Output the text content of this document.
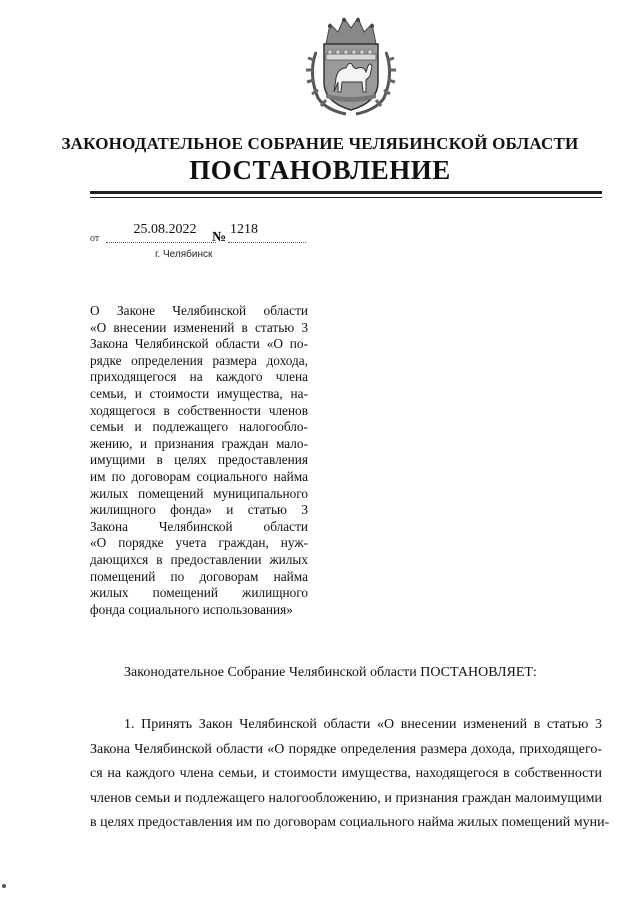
ЗАКОНОДАТЕЛЬНОЕ СОБРАНИЕ ЧЕЛЯБИНСКОЙ ОБЛАСТИ
ПОСТАНОВЛЕНИЕ
от
25.08.2022
№
1218
г. Челябинск
О Законе Челябинской области
«О внесении изменений в статью 3
Закона Челябинской области «О по-
рядке определения размера дохода,
приходящегося на каждого члена
семьи, и стоимости имущества, на-
ходящегося в собственности членов
семьи и подлежащего налогообло-
жению, и признания граждан мало-
имущими в целях предоставления
им по договорам социального найма
жилых помещений муниципального
жилищного фонда» и статью 3
Закона Челябинской области
«О порядке учета граждан, нуж-
дающихся в предоставлении жилых
помещений по договорам найма
жилых помещений жилищного
фонда социального использования»
Законодательное Собрание Челябинской области ПОСТАНОВЛЯЕТ:
1. Принять Закон Челябинской области «О внесении изменений в статью 3
Закона Челябинской области «О порядке определения размера дохода, приходящего-
ся на каждого члена семьи, и стоимости имущества, находящегося в собственности
членов семьи и подлежащего налогообложению, и признания граждан малоимущими
в целях предоставления им по договорам социального найма жилых помещений муни-
